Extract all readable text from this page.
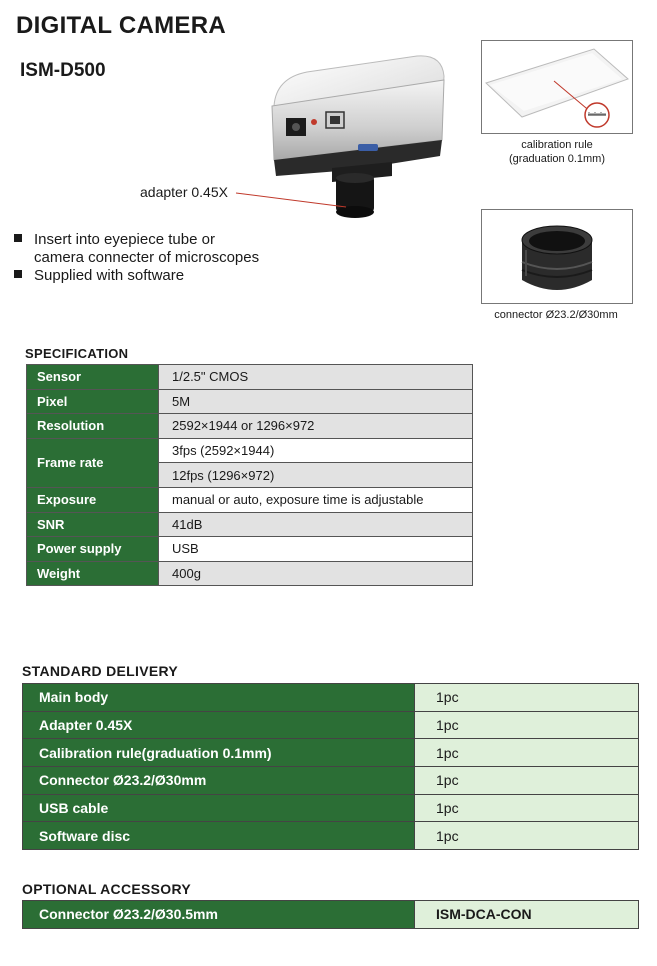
DIGITAL CAMERA
ISM-D500
adapter 0.45X
calibration rule
(graduation 0.1mm)
connector Ø23.2/Ø30mm
Insert into eyepiece tube or
camera connecter of microscopes
Supplied with software
SPECIFICATION
Sensor	1/2.5" CMOS
Pixel	5M
Resolution	2592×1944 or 1296×972
Frame rate	3fps (2592×1944)
	12fps (1296×972)
Exposure	manual or auto, exposure time is adjustable
SNR	41dB
Power supply	USB
Weight	400g
STANDARD DELIVERY
Main body	1pc
Adapter 0.45X	1pc
Calibration rule(graduation 0.1mm)	1pc
Connector Ø23.2/Ø30mm	1pc
USB cable	1pc
Software disc	1pc
OPTIONAL ACCESSORY
Connector Ø23.2/Ø30.5mm	ISM-DCA-CON
